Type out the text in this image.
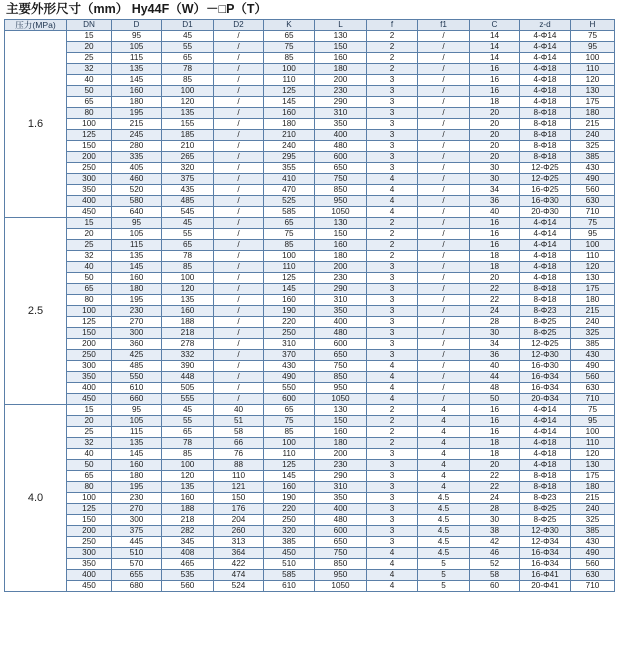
主要外形尺寸（mm） Hy44F（W）－□P（T）
压力(MPa)	DN	D	D1	D2	K	L	f	f1	C	z-d	H
1.6	15	95	45	/	65	130	2	/	14	4-Φ14	75
	20	105	55	/	75	150	2	/	14	4-Φ14	95
	25	115	65	/	85	160	2	/	14	4-Φ14	100
	32	135	78	/	100	180	2	/	16	4-Φ18	110
	40	145	85	/	110	200	3	/	16	4-Φ18	120
	50	160	100	/	125	230	3	/	16	4-Φ18	130
	65	180	120	/	145	290	3	/	18	4-Φ18	175
	80	195	135	/	160	310	3	/	20	8-Φ18	180
	100	215	155	/	180	350	3	/	20	8-Φ18	215
	125	245	185	/	210	400	3	/	20	8-Φ18	240
	150	280	210	/	240	480	3	/	20	8-Φ18	325
	200	335	265	/	295	600	3	/	20	8-Φ18	385
	250	405	320	/	355	650	3	/	30	12-Φ25	430
	300	460	375	/	410	750	4	/	30	12-Φ25	490
	350	520	435	/	470	850	4	/	34	16-Φ25	560
	400	580	485	/	525	950	4	/	36	16-Φ30	630
	450	640	545	/	585	1050	4	/	40	20-Φ30	710
2.5	15	95	45	/	65	130	2	/	16	4-Φ14	75
	20	105	55	/	75	150	2	/	16	4-Φ14	95
	25	115	65	/	85	160	2	/	16	4-Φ14	100
	32	135	78	/	100	180	2	/	18	4-Φ18	110
	40	145	85	/	110	200	3	/	18	4-Φ18	120
	50	160	100	/	125	230	3	/	20	4-Φ18	130
	65	180	120	/	145	290	3	/	22	8-Φ18	175
	80	195	135	/	160	310	3	/	22	8-Φ18	180
	100	230	160	/	190	350	3	/	24	8-Φ23	215
	125	270	188	/	220	400	3	/	28	8-Φ25	240
	150	300	218	/	250	480	3	/	30	8-Φ25	325
	200	360	278	/	310	600	3	/	34	12-Φ25	385
	250	425	332	/	370	650	3	/	36	12-Φ30	430
	300	485	390	/	430	750	4	/	40	16-Φ30	490
	350	550	448	/	490	850	4	/	44	16-Φ34	560
	400	610	505	/	550	950	4	/	48	16-Φ34	630
	450	660	555	/	600	1050	4	/	50	20-Φ34	710
4.0	15	95	45	40	65	130	2	4	16	4-Φ14	75
	20	105	55	51	75	150	2	4	16	4-Φ14	95
	25	115	65	58	85	160	2	4	16	4-Φ14	100
	32	135	78	66	100	180	2	4	18	4-Φ18	110
	40	145	85	76	110	200	3	4	18	4-Φ18	120
	50	160	100	88	125	230	3	4	20	4-Φ18	130
	65	180	120	110	145	290	3	4	22	8-Φ18	175
	80	195	135	121	160	310	3	4	22	8-Φ18	180
	100	230	160	150	190	350	3	4.5	24	8-Φ23	215
	125	270	188	176	220	400	3	4.5	28	8-Φ25	240
	150	300	218	204	250	480	3	4.5	30	8-Φ25	325
	200	375	282	260	320	600	3	4.5	38	12-Φ30	385
	250	445	345	313	385	650	3	4.5	42	12-Φ34	430
	300	510	408	364	450	750	4	4.5	46	16-Φ34	490
	350	570	465	422	510	850	4	5	52	16-Φ34	560
	400	655	535	474	585	950	4	5	58	16-Φ41	630
	450	680	560	524	610	1050	4	5	60	20-Φ41	710
